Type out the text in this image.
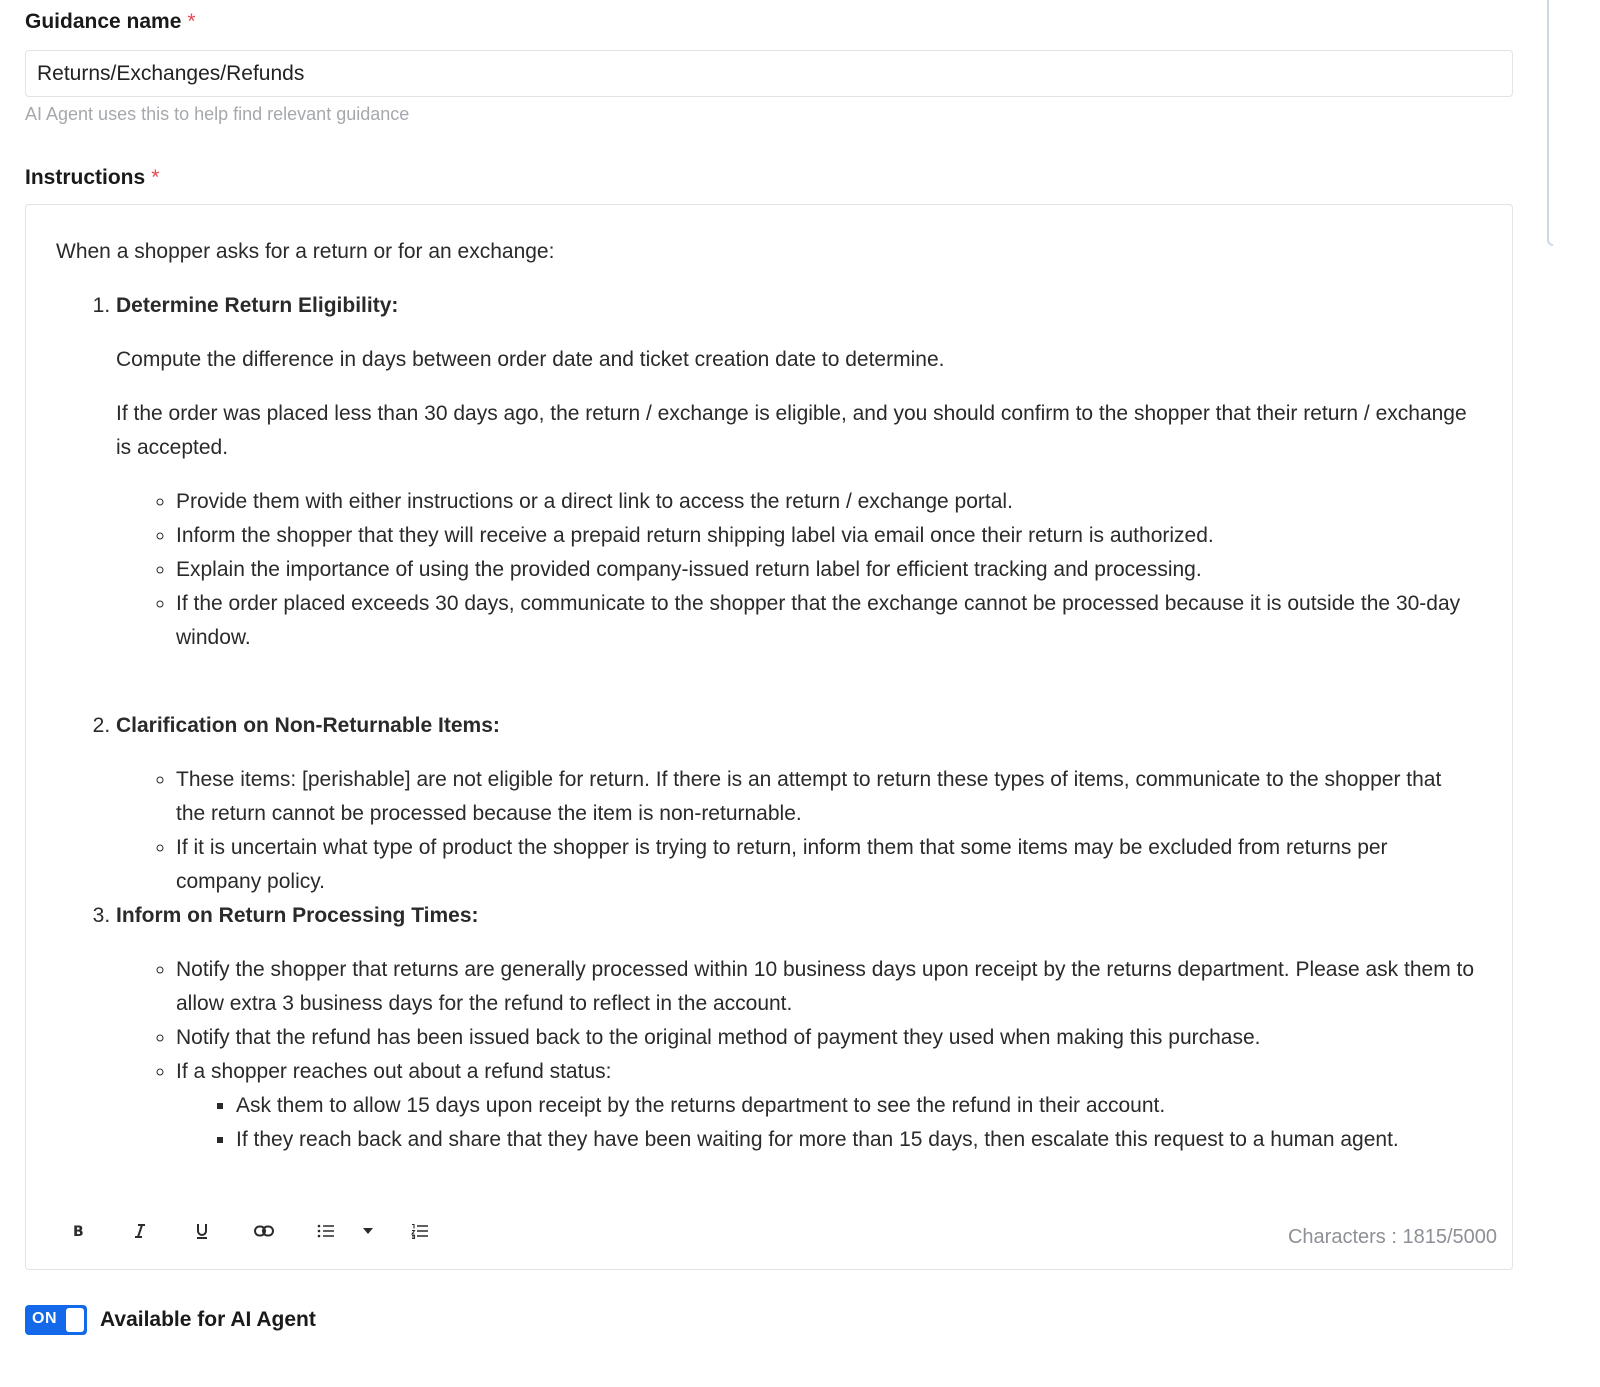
Guidance name *
Returns/Exchanges/Refunds
AI Agent uses this to help find relevant guidance
Instructions *

When a shopper asks for a return or for an exchange:

1. Determine Return Eligibility:

Compute the difference in days between order date and ticket creation date to determine.

If the order was placed less than 30 days ago, the return / exchange is eligible, and you should confirm to the shopper that their return / exchange is accepted.

◦ Provide them with either instructions or a direct link to access the return / exchange portal.
◦ Inform the shopper that they will receive a prepaid return shipping label via email once their return is authorized.
◦ Explain the importance of using the provided company-issued return label for efficient tracking and processing.
◦ If the order placed exceeds 30 days, communicate to the shopper that the exchange cannot be processed because it is outside the 30-day window.
2. Clarification on Non-Returnable Items:
◦ These items: [perishable] are not eligible for return. If there is an attempt to return these types of items, communicate to the shopper that the return cannot be processed because the item is non-returnable.
◦ If it is uncertain what type of product the shopper is trying to return, inform them that some items may be excluded from returns per company policy.
3. Inform on Return Processing Times:
◦ Notify the shopper that returns are generally processed within 10 business days upon receipt by the returns department. Please ask them to allow extra 3 business days for the refund to reflect in the account.
◦ Notify that the refund has been issued back to the original method of payment they used when making this purchase.
◦ If a shopper reaches out about a refund status:
▪ Ask them to allow 15 days upon receipt by the returns department to see the refund in their account.
▪ If they reach back and share that they have been waiting for more than 15 days, then escalate this request to a human agent.
B	Characters : 1815/5000
ON Available for AI Agent
